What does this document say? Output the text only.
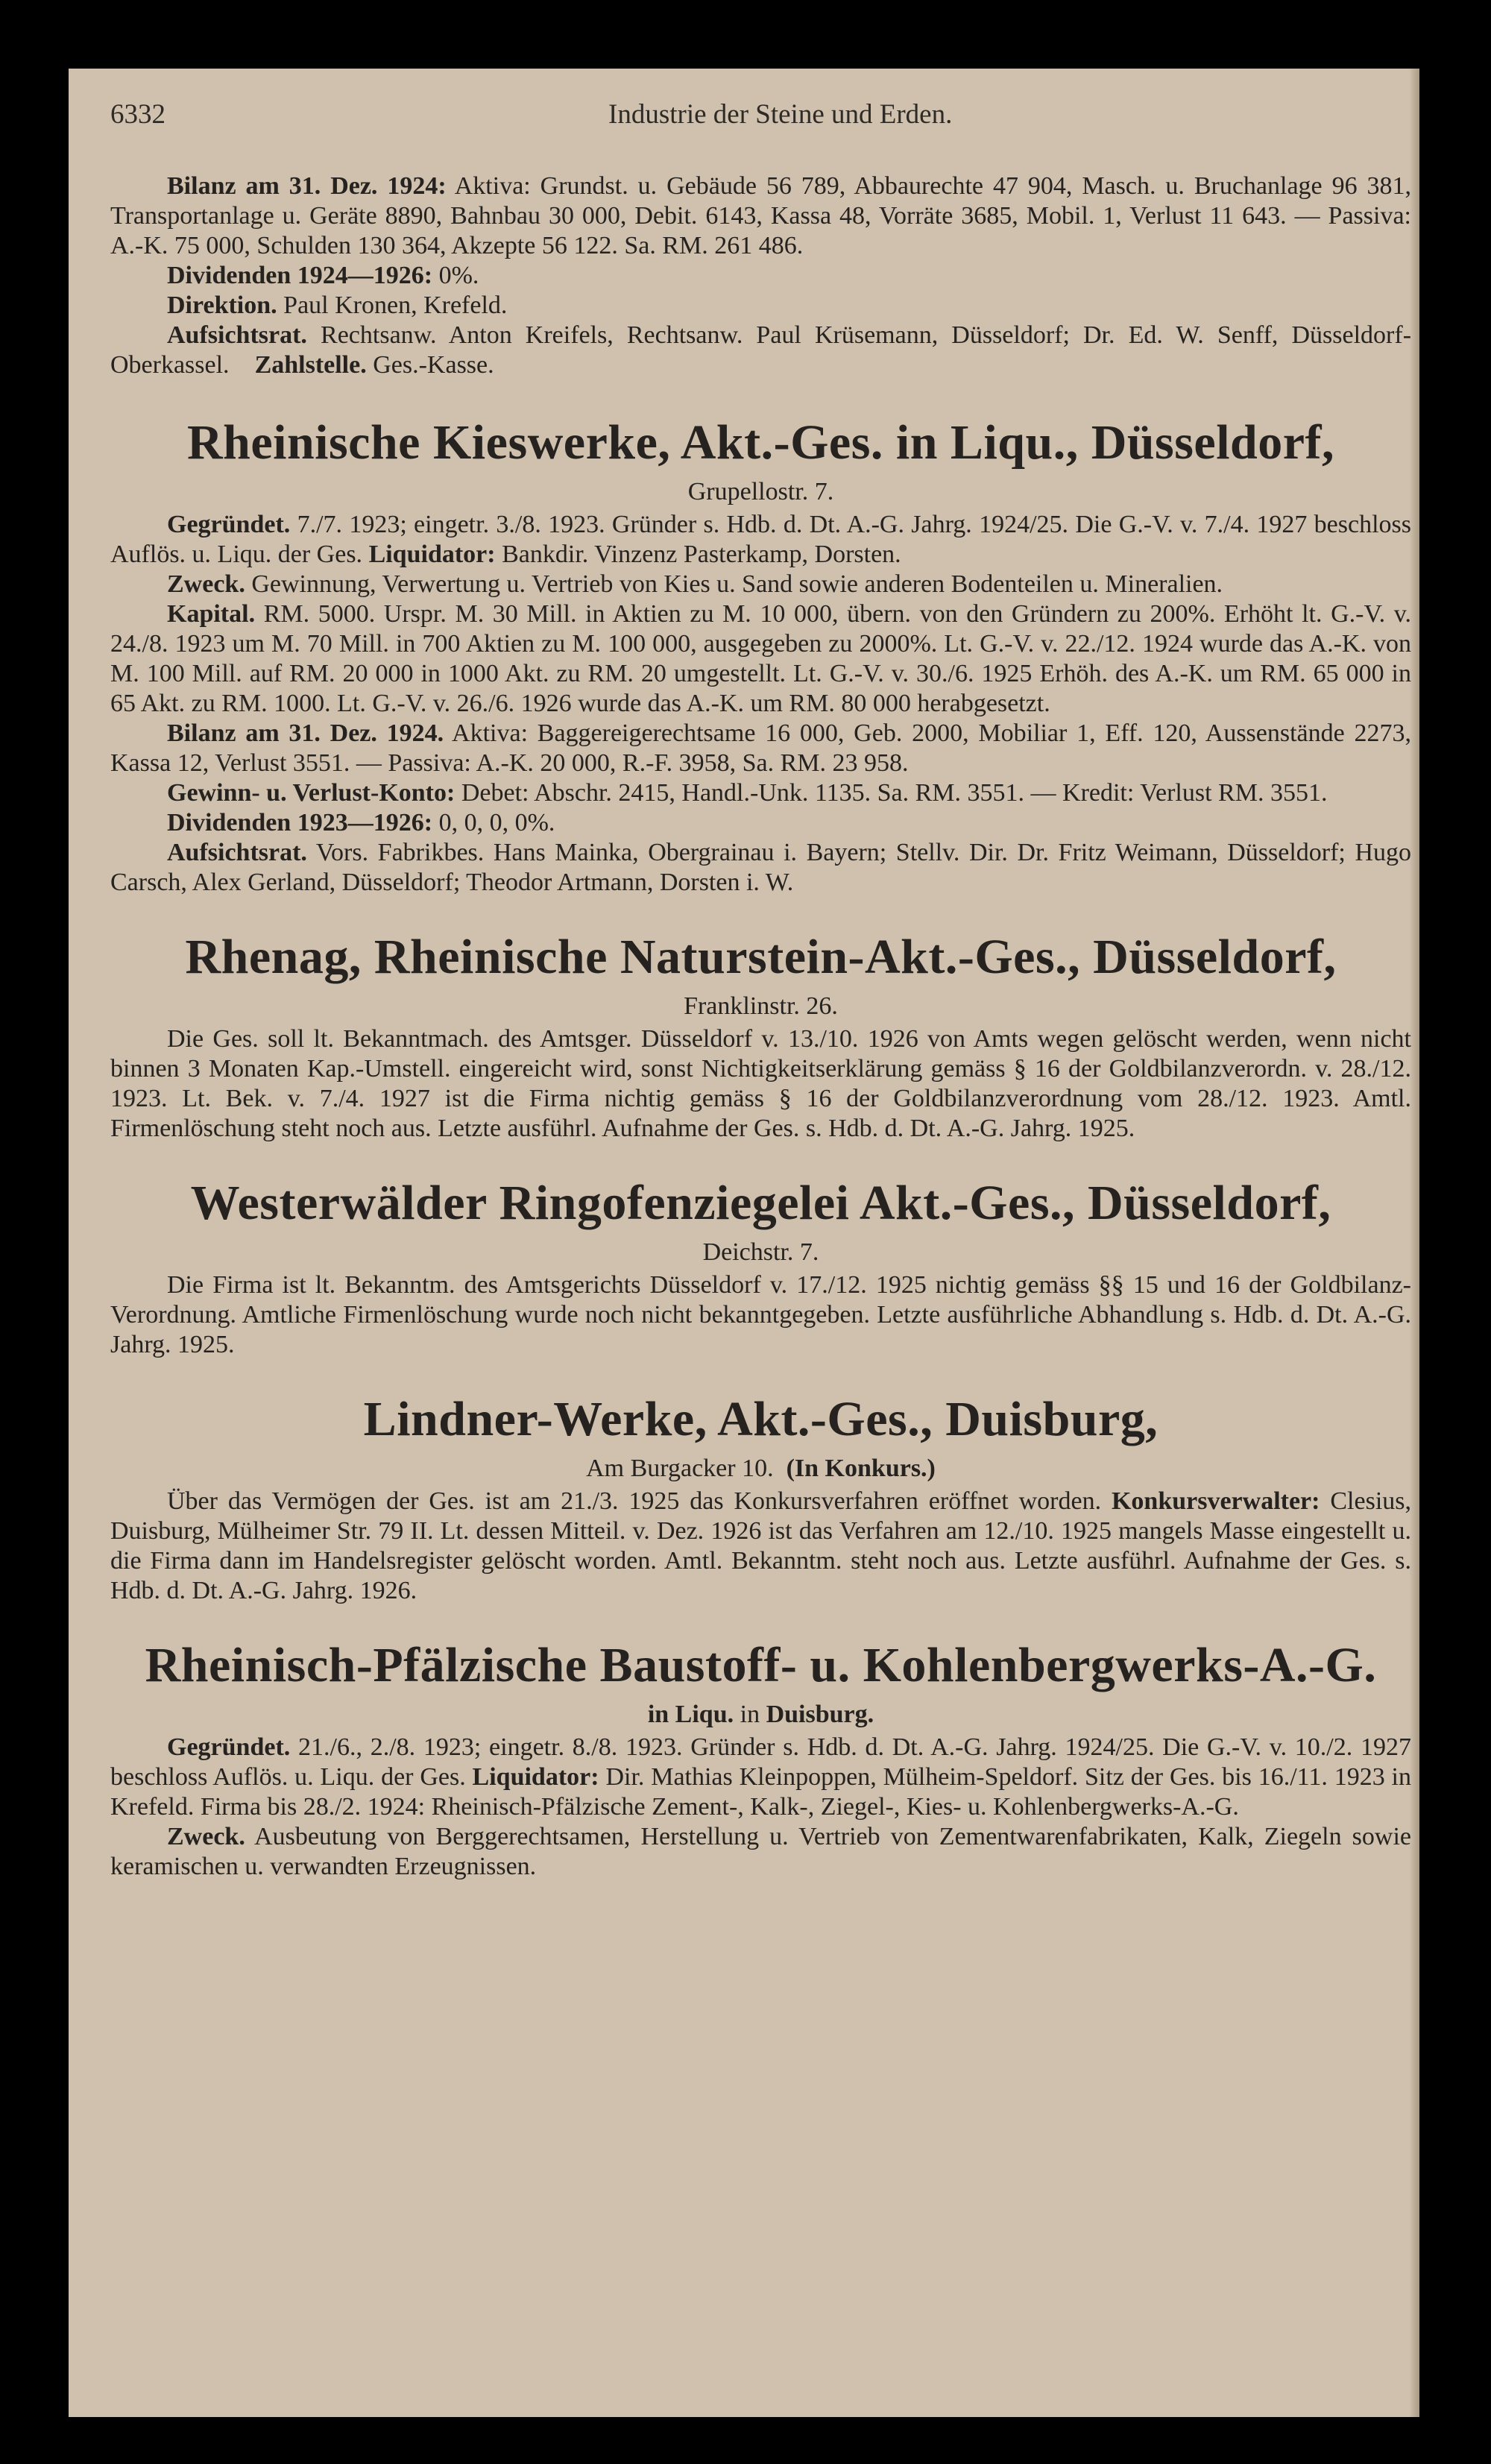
6332	Industrie der Steine und Erden.

Bilanz am 31. Dez. 1924: Aktiva: Grundst. u. Gebäude 56 789, Abbaurechte 47 904, Masch. u. Bruchanlage 96 381, Transportanlage u. Geräte 8890, Bahnbau 30 000, Debit. 6143, Kassa 48, Vorräte 3685, Mobil. 1, Verlust 11 643. — Passiva: A.-K. 75 000, Schulden 130 364, Akzepte 56 122. Sa. RM. 261 486.

Dividenden 1924—1926: 0%.

Direktion. Paul Kronen, Krefeld.

Aufsichtsrat. Rechtsanw. Anton Kreifels, Rechtsanw. Paul Krüsemann, Düsseldorf; Dr. Ed. W. Senff, Düsseldorf-Oberkassel. Zahlstelle. Ges.-Kasse.

Rheinische Kieswerke, Akt.-Ges. in Liqu., Düsseldorf,
Grupellostr. 7.

Gegründet. 7./7. 1923; eingetr. 3./8. 1923. Gründer s. Hdb. d. Dt. A.-G. Jahrg. 1924/25. Die G.-V. v. 7./4. 1927 beschloss Auflös. u. Liqu. der Ges. Liquidator: Bankdir. Vinzenz Pasterkamp, Dorsten.

Zweck. Gewinnung, Verwertung u. Vertrieb von Kies u. Sand sowie anderen Bodenteilen u. Mineralien.

Kapital. RM. 5000. Urspr. M. 30 Mill. in Aktien zu M. 10 000, übern. von den Gründern zu 200%. Erhöht lt. G.-V. v. 24./8. 1923 um M. 70 Mill. in 700 Aktien zu M. 100 000, ausgegeben zu 2000%. Lt. G.-V. v. 22./12. 1924 wurde das A.-K. von M. 100 Mill. auf RM. 20 000 in 1000 Akt. zu RM. 20 umgestellt. Lt. G.-V. v. 30./6. 1925 Erhöh. des A.-K. um RM. 65 000 in 65 Akt. zu RM. 1000. Lt. G.-V. v. 26./6. 1926 wurde das A.-K. um RM. 80 000 herabgesetzt.

Bilanz am 31. Dez. 1924. Aktiva: Baggereigerechtsame 16 000, Geb. 2000, Mobiliar 1, Eff. 120, Aussenstände 2273, Kassa 12, Verlust 3551. — Passiva: A.-K. 20 000, R.-F. 3958, Sa. RM. 23 958.

Gewinn- u. Verlust-Konto: Debet: Abschr. 2415, Handl.-Unk. 1135. Sa. RM. 3551. — Kredit: Verlust RM. 3551.

Dividenden 1923—1926: 0, 0, 0, 0%.

Aufsichtsrat. Vors. Fabrikbes. Hans Mainka, Obergrainau i. Bayern; Stellv. Dir. Dr. Fritz Weimann, Düsseldorf; Hugo Carsch, Alex Gerland, Düsseldorf; Theodor Artmann, Dorsten i. W.

Rhenag, Rheinische Naturstein-Akt.-Ges., Düsseldorf,
Franklinstr. 26.

Die Ges. soll lt. Bekanntmach. des Amtsger. Düsseldorf v. 13./10. 1926 von Amts wegen gelöscht werden, wenn nicht binnen 3 Monaten Kap.-Umstell. eingereicht wird, sonst Nichtigkeitserklärung gemäss § 16 der Goldbilanzverordn. v. 28./12. 1923. Lt. Bek. v. 7./4. 1927 ist die Firma nichtig gemäss § 16 der Goldbilanzverordnung vom 28./12. 1923. Amtl. Firmenlöschung steht noch aus. Letzte ausführl. Aufnahme der Ges. s. Hdb. d. Dt. A.-G. Jahrg. 1925.

Westerwälder Ringofenziegelei Akt.-Ges., Düsseldorf,
Deichstr. 7.

Die Firma ist lt. Bekanntm. des Amtsgerichts Düsseldorf v. 17./12. 1925 nichtig gemäss §§ 15 und 16 der Goldbilanz-Verordnung. Amtliche Firmenlöschung wurde noch nicht bekanntgegeben. Letzte ausführliche Abhandlung s. Hdb. d. Dt. A.-G. Jahrg. 1925.

Lindner-Werke, Akt.-Ges., Duisburg,
Am Burgacker 10. (In Konkurs.)

Über das Vermögen der Ges. ist am 21./3. 1925 das Konkursverfahren eröffnet worden. Konkursverwalter: Clesius, Duisburg, Mülheimer Str. 79 II. Lt. dessen Mitteil. v. Dez. 1926 ist das Verfahren am 12./10. 1925 mangels Masse eingestellt u. die Firma dann im Handelsregister gelöscht worden. Amtl. Bekanntm. steht noch aus. Letzte ausführl. Aufnahme der Ges. s. Hdb. d. Dt. A.-G. Jahrg. 1926.

Rheinisch-Pfälzische Baustoff- u. Kohlenbergwerks-A.-G.
in Liqu. in Duisburg.

Gegründet. 21./6., 2./8. 1923; eingetr. 8./8. 1923. Gründer s. Hdb. d. Dt. A.-G. Jahrg. 1924/25. Die G.-V. v. 10./2. 1927 beschloss Auflös. u. Liqu. der Ges. Liquidator: Dir. Mathias Kleinpoppen, Mülheim-Speldorf. Sitz der Ges. bis 16./11. 1923 in Krefeld. Firma bis 28./2. 1924: Rheinisch-Pfälzische Zement-, Kalk-, Ziegel-, Kies- u. Kohlenbergwerks-A.-G.

Zweck. Ausbeutung von Berggerechtsamen, Herstellung u. Vertrieb von Zementwarenfabrikaten, Kalk, Ziegeln sowie keramischen u. verwandten Erzeugnissen.
